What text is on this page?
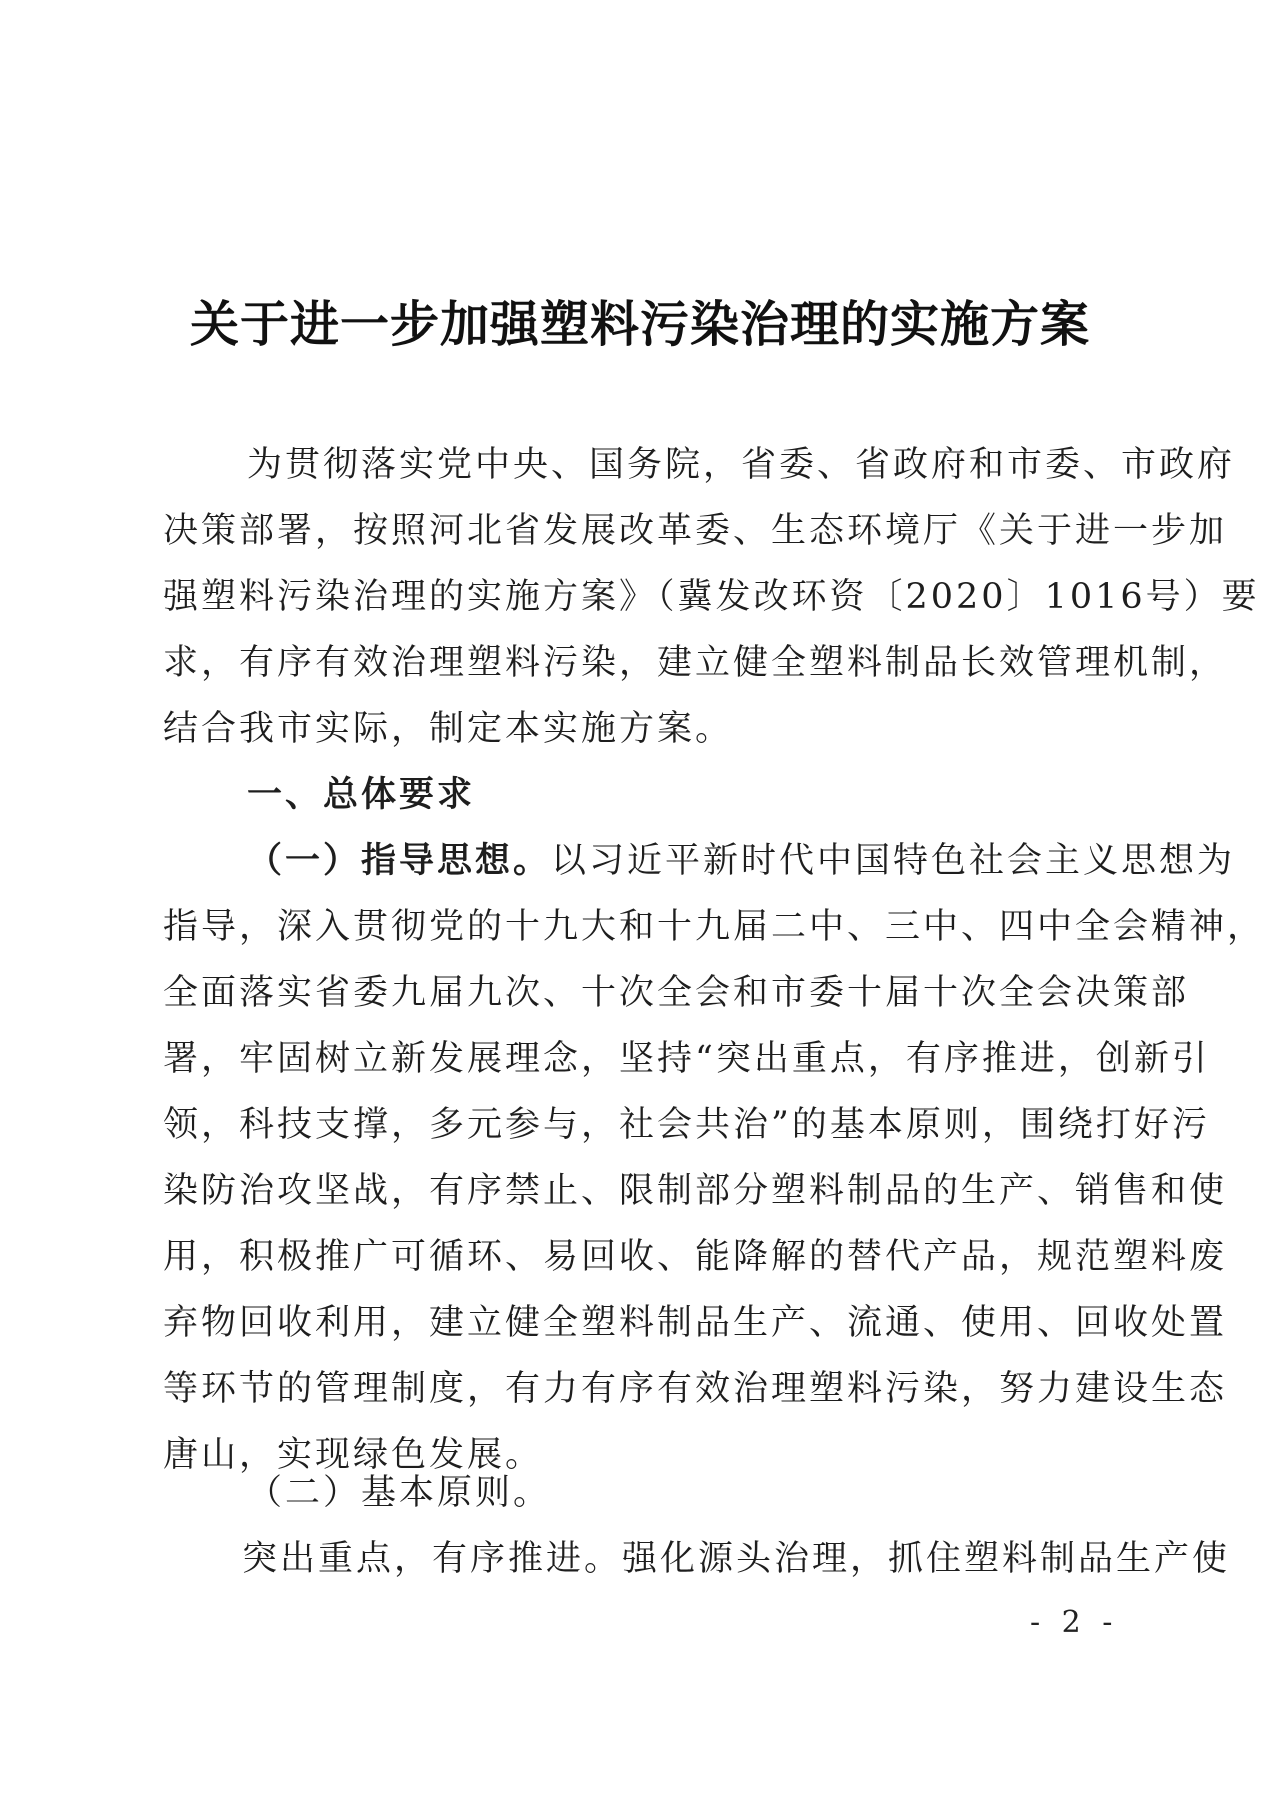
关于进一步加强塑料污染治理的实施方案
为贯彻落实党中央、国务院，省委、省政府和市委、市政府
决策部署，按照河北省发展改革委、生态环境厅《关于进一步加
强塑料污染治理的实施方案》（冀发改环资〔2020〕1016号）要
求，有序有效治理塑料污染，建立健全塑料制品长效管理机制，
结合我市实际，制定本实施方案。
一、总体要求
（一）指导思想。以习近平新时代中国特色社会主义思想为
指导，深入贯彻党的十九大和十九届二中、三中、四中全会精神，
全面落实省委九届九次、十次全会和市委十届十次全会决策部
署，牢固树立新发展理念，坚持“突出重点，有序推进，创新引
领，科技支撑，多元参与，社会共治”的基本原则，围绕打好污
染防治攻坚战，有序禁止、限制部分塑料制品的生产、销售和使
用，积极推广可循环、易回收、能降解的替代产品，规范塑料废
弃物回收利用，建立健全塑料制品生产、流通、使用、回收处置
等环节的管理制度，有力有序有效治理塑料污染，努力建设生态
唐山，实现绿色发展。
（二）基本原则。
突出重点，有序推进。强化源头治理，抓住塑料制品生产使
- 2 -
